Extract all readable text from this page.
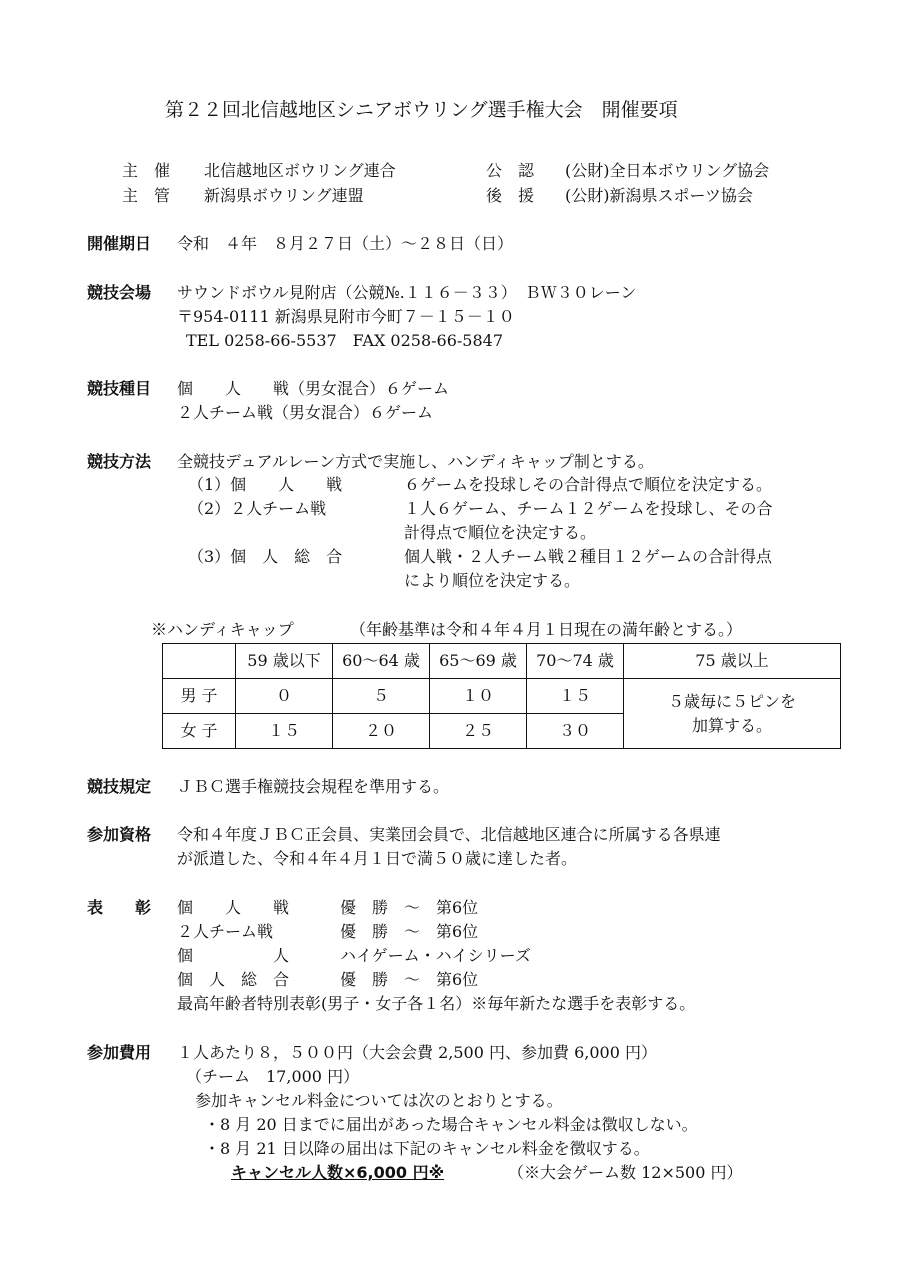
第２２回北信越地区シニアボウリング選手権大会　開催要項
主　催 北信越地区ボウリング連合	公　認 (公財)全日本ボウリング協会
主　管 新潟県ボウリング連盟	後　援 (公財)新潟県スポーツ協会
開催期日 令和　４年　８月２７日（土）～２８日（日）
競技会場 サウンドボウル見附店（公競№.１１６－３３）　ＢＷ３０レーン
〒954-0111 新潟県見附市今町７－１５－１０
TEL 0258-66-5537　FAX 0258-66-5847
競技種目 個　　人　　戦（男女混合）６ゲーム
２人チーム戦（男女混合）６ゲーム
競技方法 全競技デュアルレーン方式で実施し、ハンディキャップ制とする。
（1）個　　人　　戦	６ゲームを投球しその合計得点で順位を決定する。
（2）２人チーム戦	１人６ゲーム、チーム１２ゲームを投球し、その合
計得点で順位を決定する。
（3）個　人　総　合	個人戦・２人チーム戦２種目１２ゲームの合計得点
により順位を決定する。
※ハンディキャップ	（年齢基準は令和４年４月１日現在の満年齢とする。）
	59 歳以下	60～64 歳	65～69 歳	70～74 歳	75 歳以上
男 子	０	５	１０	１５	５歳毎に５ピンを
加算する。

女 子	１５	２０	２５	３０	
競技規定 ＪＢＣ選手権競技会規程を準用する。
参加資格 令和４年度ＪＢＣ正会員、実業団会員で、北信越地区連合に所属する各県連
が派遣した、令和４年４月１日で満５０歳に達した者。
表　　彰 個　　人　　戦	優　勝　～　第6位
２人チーム戦	優　勝　～　第6位
個　　　　　人	ハイゲーム・ハイシリーズ
個　人　総　合	優　勝　～　第6位
最高年齢者特別表彰(男子・女子各１名）※毎年新たな選手を表彰する。
参加費用 １人あたり８，５００円（大会会費 2,500 円、参加費 6,000 円）
（チーム　17,000 円）
参加キャンセル料金については次のとおりとする。
・8 月 20 日までに届出があった場合キャンセル料金は徴収しない。
・8 月 21 日以降の届出は下記のキャンセル料金を徴収する。
キャンセル人数×6,000 円※	（※大会ゲーム数 12×500 円）
